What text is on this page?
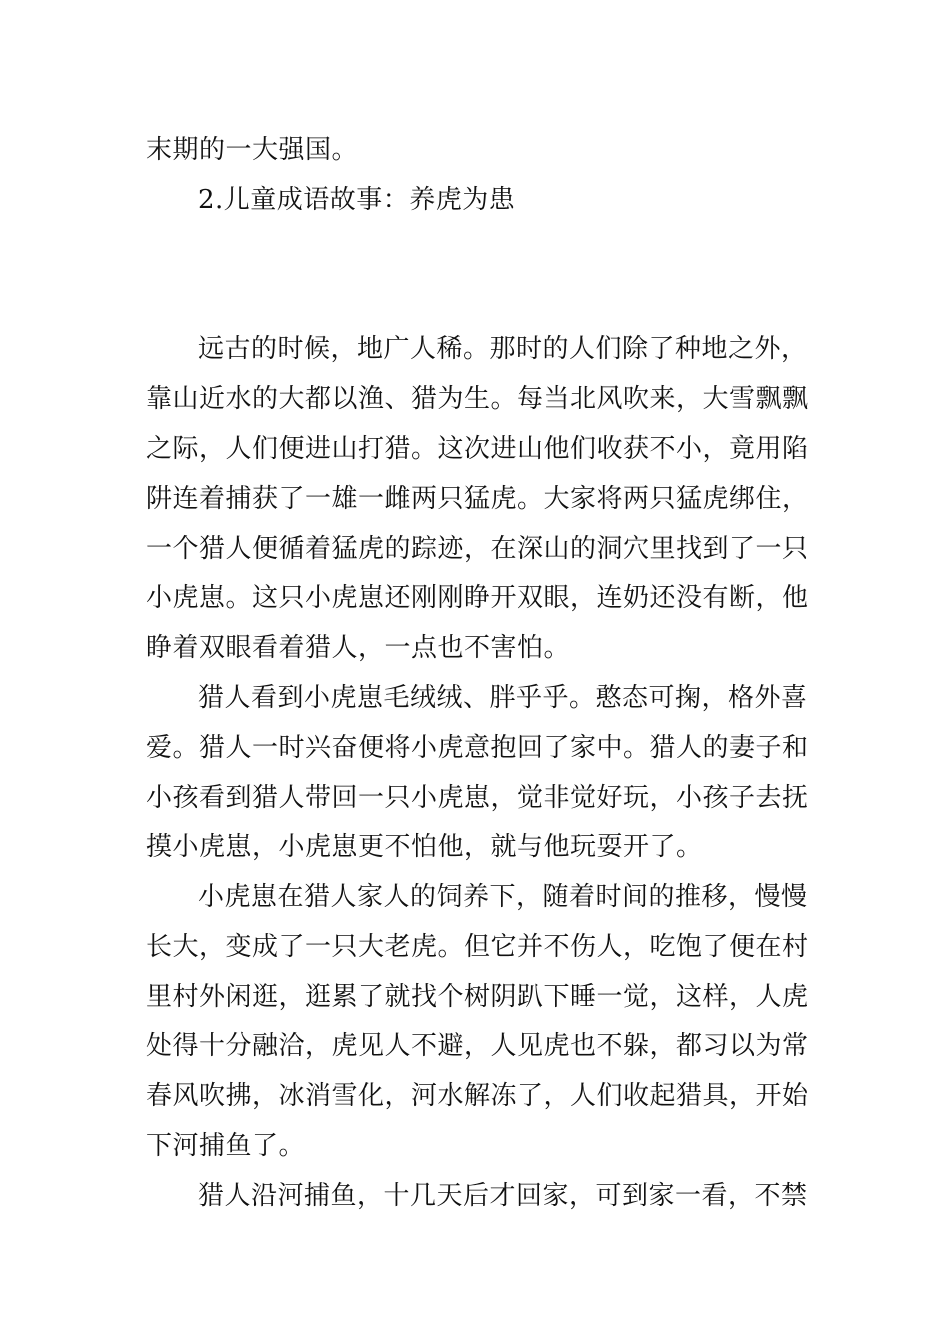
末期的一大强国。
2.儿童成语故事：养虎为患
远古的时候，地广人稀。那时的人们除了种地之外，
靠山近水的大都以渔、猎为生。每当北风吹来，大雪飘飘
之际，人们便进山打猎。这次进山他们收获不小，竟用陷
阱连着捕获了一雄一雌两只猛虎。大家将两只猛虎绑住，
一个猎人便循着猛虎的踪迹，在深山的洞穴里找到了一只
小虎崽。这只小虎崽还刚刚睁开双眼，连奶还没有断，他
睁着双眼看着猎人，一点也不害怕。
猎人看到小虎崽毛绒绒、胖乎乎。憨态可掬，格外喜
爱。猎人一时兴奋便将小虎意抱回了家中。猎人的妻子和
小孩看到猎人带回一只小虎崽，觉非觉好玩，小孩子去抚
摸小虎崽，小虎崽更不怕他，就与他玩耍开了。
小虎崽在猎人家人的饲养下，随着时间的推移，慢慢
长大，变成了一只大老虎。但它并不伤人，吃饱了便在村
里村外闲逛，逛累了就找个树阴趴下睡一觉，这样，人虎
处得十分融洽，虎见人不避，人见虎也不躲，都习以为常
春风吹拂，冰消雪化，河水解冻了，人们收起猎具，开始
下河捕鱼了。
猎人沿河捕鱼，十几天后才回家，可到家一看，不禁
